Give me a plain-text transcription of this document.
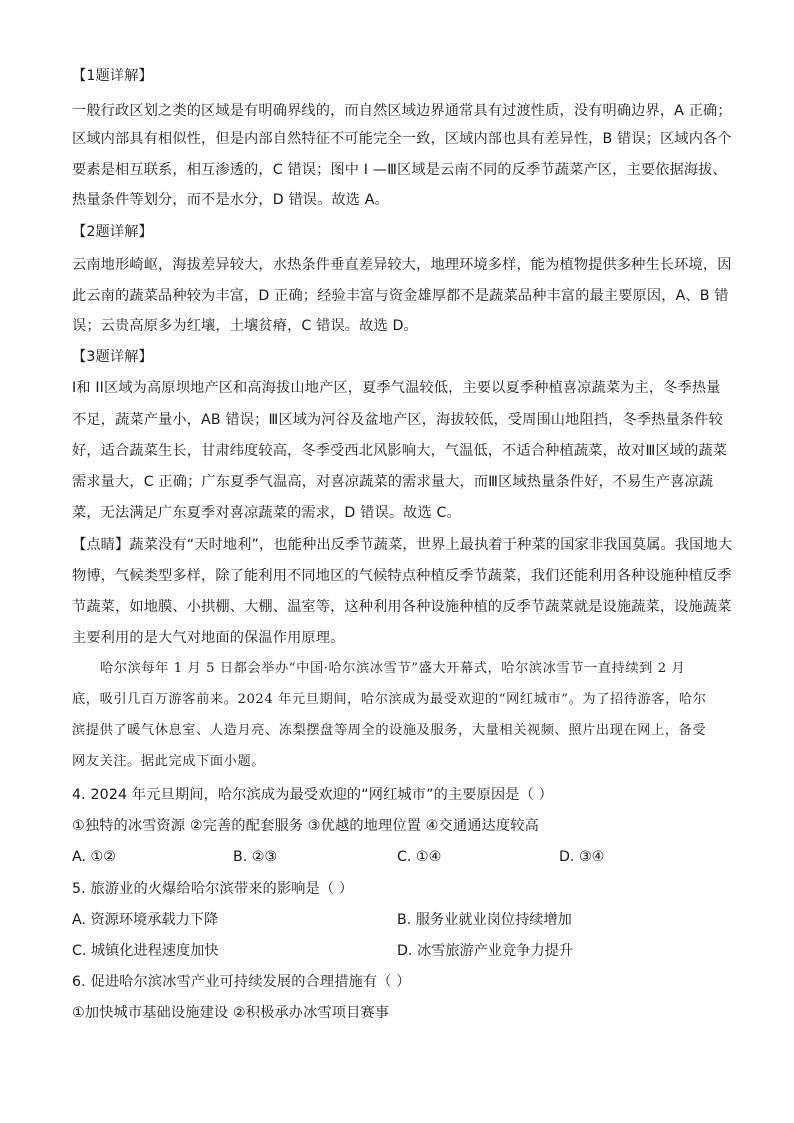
【1题详解】
一般行政区划之类的区域是有明确界线的，而自然区域边界通常具有过渡性质，没有明确边界，A 正确；
区域内部具有相似性，但是内部自然特征不可能完全一致，区域内部也具有差异性，B 错误；区域内各个
要素是相互联系，相互渗透的，C 错误；图中 I —Ⅲ区域是云南不同的反季节蔬菜产区，主要依据海拔、
热量条件等划分，而不是水分，D 错误。故选 A。
【2题详解】
云南地形崎岖，海拔差异较大，水热条件垂直差异较大，地理环境多样，能为植物提供多种生长环境，因
此云南的蔬菜品种较为丰富，D 正确；经验丰富与资金雄厚都不是蔬菜品种丰富的最主要原因，A、B 错
误；云贵高原多为红壤，土壤贫瘠，C 错误。故选 D。
【3题详解】
I和 II区域为高原坝地产区和高海拔山地产区，夏季气温较低，主要以夏季种植喜凉蔬菜为主，冬季热量
不足，蔬菜产量小，AB 错误；Ⅲ区域为河谷及盆地产区，海拔较低，受周围山地阻挡，冬季热量条件较
好，适合蔬菜生长，甘肃纬度较高，冬季受西北风影响大，气温低，不适合种植蔬菜，故对Ⅲ区域的蔬菜
需求量大，C 正确；广东夏季气温高，对喜凉蔬菜的需求量大，而Ⅲ区域热量条件好，不易生产喜凉蔬
菜，无法满足广东夏季对喜凉蔬菜的需求，D 错误。故选 C。
【点睛】蔬菜没有“天时地利”，也能种出反季节蔬菜，世界上最执着于种菜的国家非我国莫属。我国地大
物博，气候类型多样，除了能利用不同地区的气候特点种植反季节蔬菜，我们还能利用各种设施种植反季
节蔬菜，如地膜、小拱棚、大棚、温室等，这种利用各种设施种植的反季节蔬菜就是设施蔬菜，设施蔬菜
主要利用的是大气对地面的保温作用原理。
哈尔滨每年 1 月 5 日都会举办“中国·哈尔滨冰雪节”盛大开幕式，哈尔滨冰雪节一直持续到 2 月
底，吸引几百万游客前来。2024 年元旦期间，哈尔滨成为最受欢迎的“网红城市”。为了招待游客，哈尔
滨提供了暖气休息室、人造月亮、冻梨摆盘等周全的设施及服务，大量相关视频、照片出现在网上，备受
网友关注。据此完成下面小题。
4. 2024 年元旦期间，哈尔滨成为最受欢迎的“网红城市”的主要原因是（ ）
①独特的冰雪资源 ②完善的配套服务 ③优越的地理位置 ④交通通达度较高
A. ①②	B. ②③	C. ①④	D. ③④
5. 旅游业的火爆给哈尔滨带来的影响是（ ）
A. 资源环境承载力下降	B. 服务业就业岗位持续增加
C. 城镇化进程速度加快	D. 冰雪旅游产业竞争力提升
6. 促进哈尔滨冰雪产业可持续发展的合理措施有（ ）
①加快城市基础设施建设 ②积极承办冰雪项目赛事
